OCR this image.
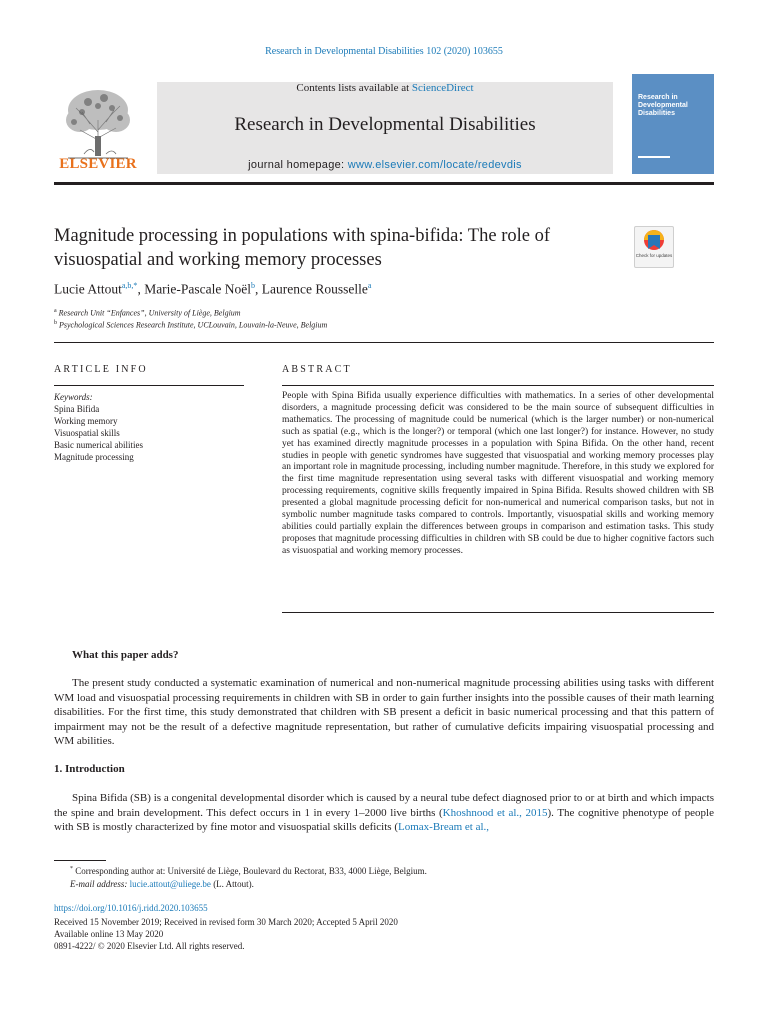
Research in Developmental Disabilities 102 (2020) 103655
ELSEVIER
Contents lists available at ScienceDirect
Research in Developmental Disabilities
journal homepage: www.elsevier.com/locate/redevdis
Research in Developmental Disabilities
Magnitude processing in populations with spina-bifida: The role of visuospatial and working memory processes	Check for updates
Lucie Attout$^{a,b,*}$, Marie-Pascale Noël$^b$, Laurence Rousselle$^a$
$^a$ Research Unit “Enfances”, University of Liège, Belgium
$^b$ Psychological Sciences Research Institute, UCLouvain, Louvain-la-Neuve, Belgium
ARTICLE INFO
Keywords:
Spina Bifida
Working memory
Visuospatial skills
Basic numerical abilities
Magnitude processing
ABSTRACT
People with Spina Bifida usually experience difficulties with mathematics. In a series of other developmental disorders, a magnitude processing deficit was considered to be the main source of subsequent difficulties in mathematics. The processing of magnitude could be numerical (which is the larger number) or non-numerical such as spatial (e.g., which is the longer?) or temporal (which one last longer?) for instance. However, no study yet has examined directly magnitude processes in a population with Spina Bifida. On the other hand, recent studies in people with genetic syndromes have suggested that visuospatial and working memory processes play an important role in magnitude processing, including number magnitude. Therefore, in this study we explored for the first time magnitude representation using several tasks with different visuospatial and working memory processing requirements, cognitive skills frequently impaired in Spina Bifida. Results showed children with SB presented a global magnitude processing deficit for non-numerical and numerical comparison tasks, but not in symbolic number magnitude tasks compared to controls. Importantly, visuospatial skills and working memory abilities could partially explain the differences between groups in comparison and estimation tasks. This study proposes that magnitude processing difficulties in children with SB could be due to higher cognitive factors such as visuospatial and working memory processes.
What this paper adds?
The present study conducted a systematic examination of numerical and non-numerical magnitude processing abilities using tasks with different WM load and visuospatial processing requirements in children with SB in order to gain further insights into the possible causes of their math learning disabilities. For the first time, this study demonstrated that children with SB present a deficit in basic numerical processing and that this pattern of impairment may not be the result of a defective magnitude representation, but rather of cumulative deficits impairing visuospatial processing and WM abilities.
1. Introduction
Spina Bifida (SB) is a congenital developmental disorder which is caused by a neural tube defect diagnosed prior to or at birth and which impacts the spine and brain development. This defect occurs in 1 in every 1–2000 live births (Khoshnood et al., 2015). The cognitive phenotype of people with SB is mostly characterized by fine motor and visuospatial skills deficits (Lomax-Bream et al.,
* Corresponding author at: Université de Liège, Boulevard du Rectorat, B33, 4000 Liège, Belgium.
E-mail address: lucie.attout@uliege.be (L. Attout).
https://doi.org/10.1016/j.ridd.2020.103655
Received 15 November 2019; Received in revised form 30 March 2020; Accepted 5 April 2020
Available online 13 May 2020
0891-4222/ © 2020 Elsevier Ltd. All rights reserved.
